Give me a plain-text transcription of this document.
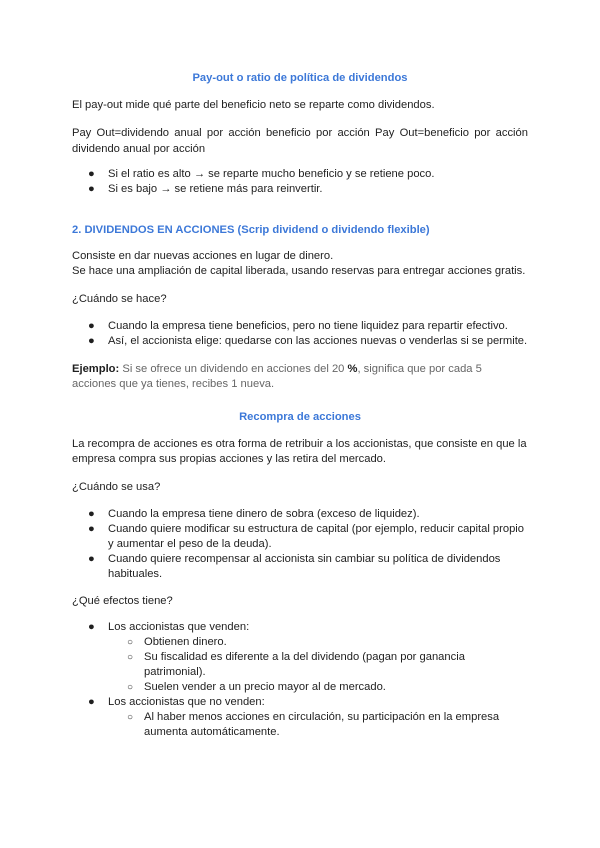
Pay-out o ratio de política de dividendos

El pay-out mide qué parte del beneficio neto se reparte como dividendos.

Pay Out=dividendo anual por acción beneficio por acción Pay Out=beneficio por acción dividendo anual por acción

● Si el ratio es alto → se reparte mucho beneficio y se retiene poco.
● Si es bajo → se retiene más para reinvertir.

2. DIVIDENDOS EN ACCIONES (Scrip dividend o dividendo flexible)

Consiste en dar nuevas acciones en lugar de dinero.

Se hace una ampliación de capital liberada, usando reservas para entregar acciones gratis.

¿Cuándo se hace?

● Cuando la empresa tiene beneficios, pero no tiene liquidez para repartir efectivo.
● Así, el accionista elige: quedarse con las acciones nuevas o venderlas si se permite.

Ejemplo: Si se ofrece un dividendo en acciones del 20 %, significa que por cada 5 acciones que ya tienes, recibes 1 nueva.

Recompra de acciones

La recompra de acciones es otra forma de retribuir a los accionistas, que consiste en que la empresa compra sus propias acciones y las retira del mercado.

¿Cuándo se usa?

● Cuando la empresa tiene dinero de sobra (exceso de liquidez).
● Cuando quiere modificar su estructura de capital (por ejemplo, reducir capital propio y aumentar el peso de la deuda).
● Cuando quiere recompensar al accionista sin cambiar su política de dividendos habituales.

¿Qué efectos tiene?

● Los accionistas que venden:
○ Obtienen dinero.
○ Su fiscalidad es diferente a la del dividendo (pagan por ganancia patrimonial).
○ Suelen vender a un precio mayor al de mercado.
● Los accionistas que no venden:
○ Al haber menos acciones en circulación, su participación en la empresa aumenta automáticamente.
